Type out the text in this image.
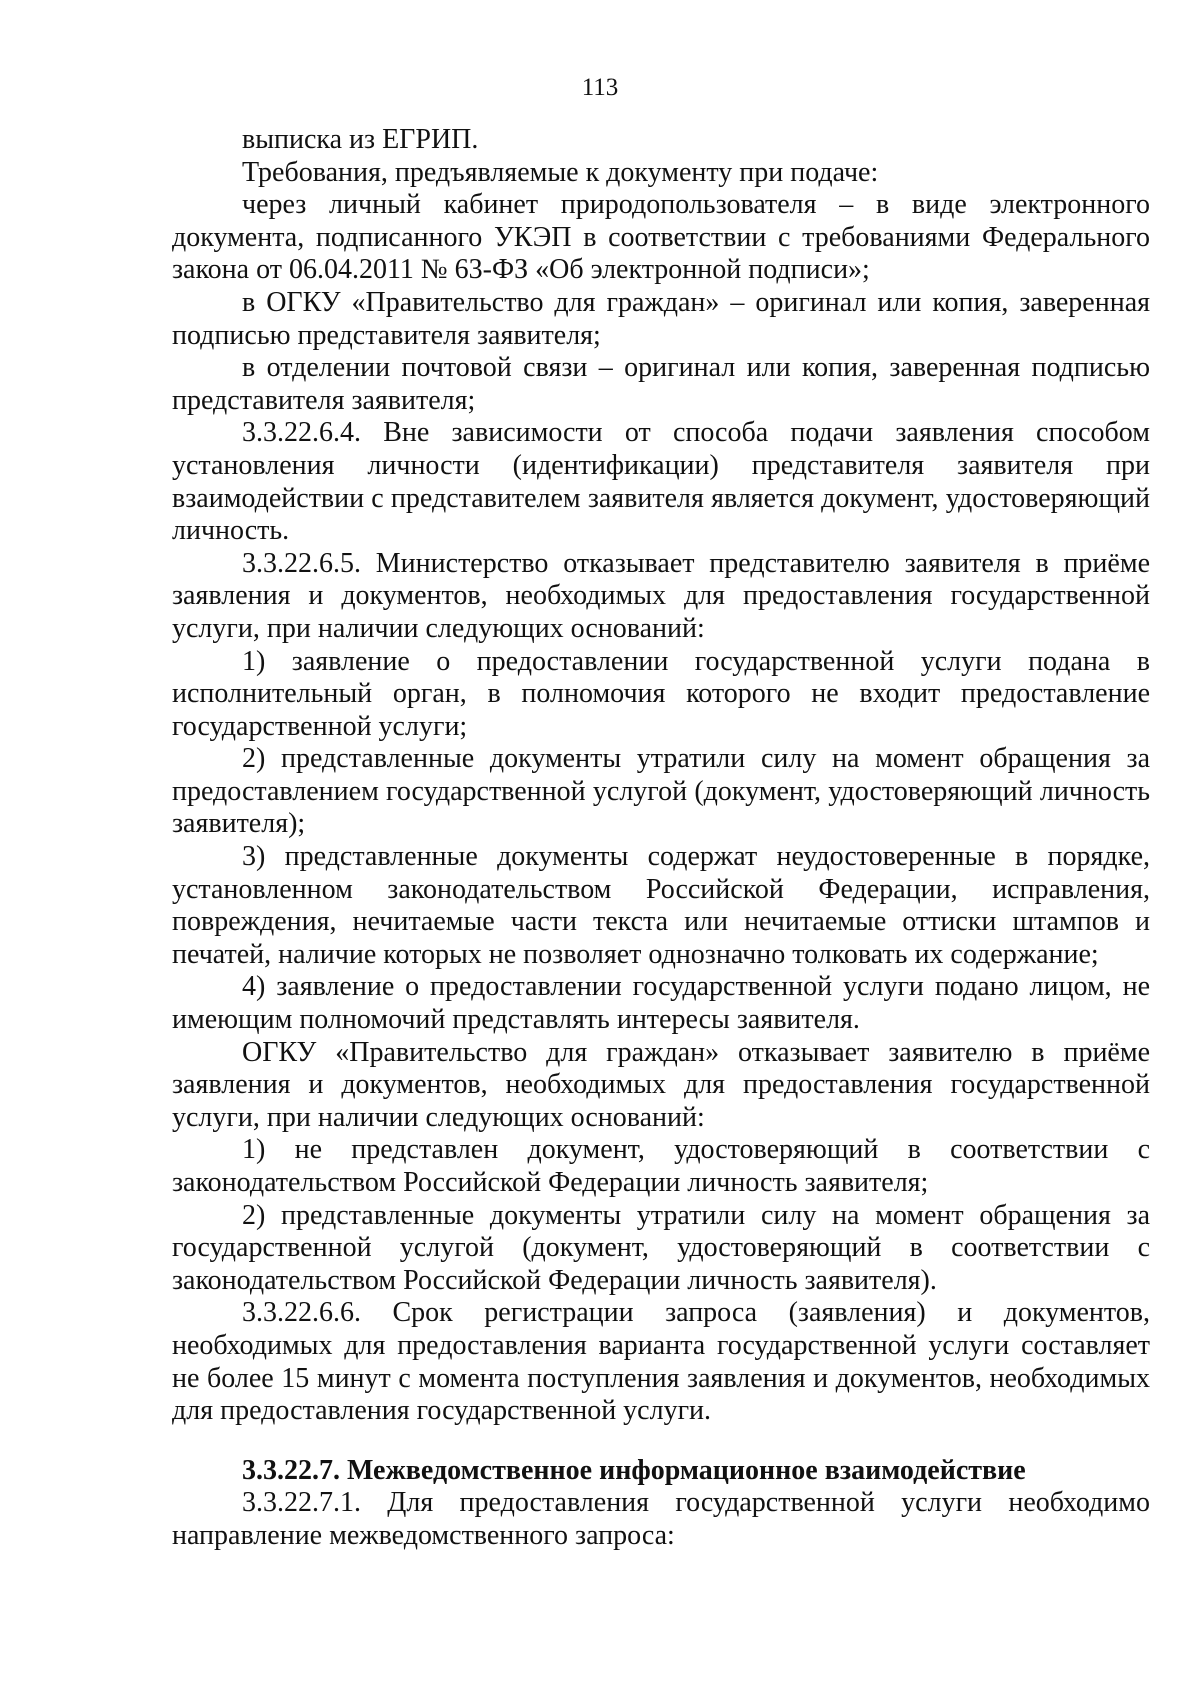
113

выписка из ЕГРИП.

Требования, предъявляемые к документу при подаче:

через личный кабинет природопользователя – в виде электронного документа, подписанного УКЭП в соответствии с требованиями Федерального закона от 06.04.2011 № 63-ФЗ «Об электронной подписи»;

в ОГКУ «Правительство для граждан» – оригинал или копия, заверенная подписью представителя заявителя;

в отделении почтовой связи – оригинал или копия, заверенная подписью представителя заявителя;

3.3.22.6.4. Вне зависимости от способа подачи заявления способом установления личности (идентификации) представителя заявителя при взаимодействии с представителем заявителя является документ, удостоверяющий личность.

3.3.22.6.5. Министерство отказывает представителю заявителя в приёме заявления и документов, необходимых для предоставления государственной услуги, при наличии следующих оснований:

1) заявление о предоставлении государственной услуги подана в исполнительный орган, в полномочия которого не входит предоставление государственной услуги;

2) представленные документы утратили силу на момент обращения за предоставлением государственной услугой (документ, удостоверяющий личность заявителя);

3) представленные документы содержат неудостоверенные в порядке, установленном законодательством Российской Федерации, исправления, повреждения, нечитаемые части текста или нечитаемые оттиски штампов и печатей, наличие которых не позволяет однозначно толковать их содержание;

4) заявление о предоставлении государственной услуги подано лицом, не имеющим полномочий представлять интересы заявителя.

ОГКУ «Правительство для граждан» отказывает заявителю в приёме заявления и документов, необходимых для предоставления государственной услуги, при наличии следующих оснований:

1) не представлен документ, удостоверяющий в соответствии с законодательством Российской Федерации личность заявителя;

2) представленные документы утратили силу на момент обращения за государственной услугой (документ, удостоверяющий в соответствии с законодательством Российской Федерации личность заявителя).

3.3.22.6.6. Срок регистрации запроса (заявления) и документов, необходимых для предоставления варианта государственной услуги составляет не более 15 минут с момента поступления заявления и документов, необходимых для предоставления государственной услуги.

3.3.22.7. Межведомственное информационное взаимодействие

3.3.22.7.1. Для предоставления государственной услуги необходимо направление межведомственного запроса:
